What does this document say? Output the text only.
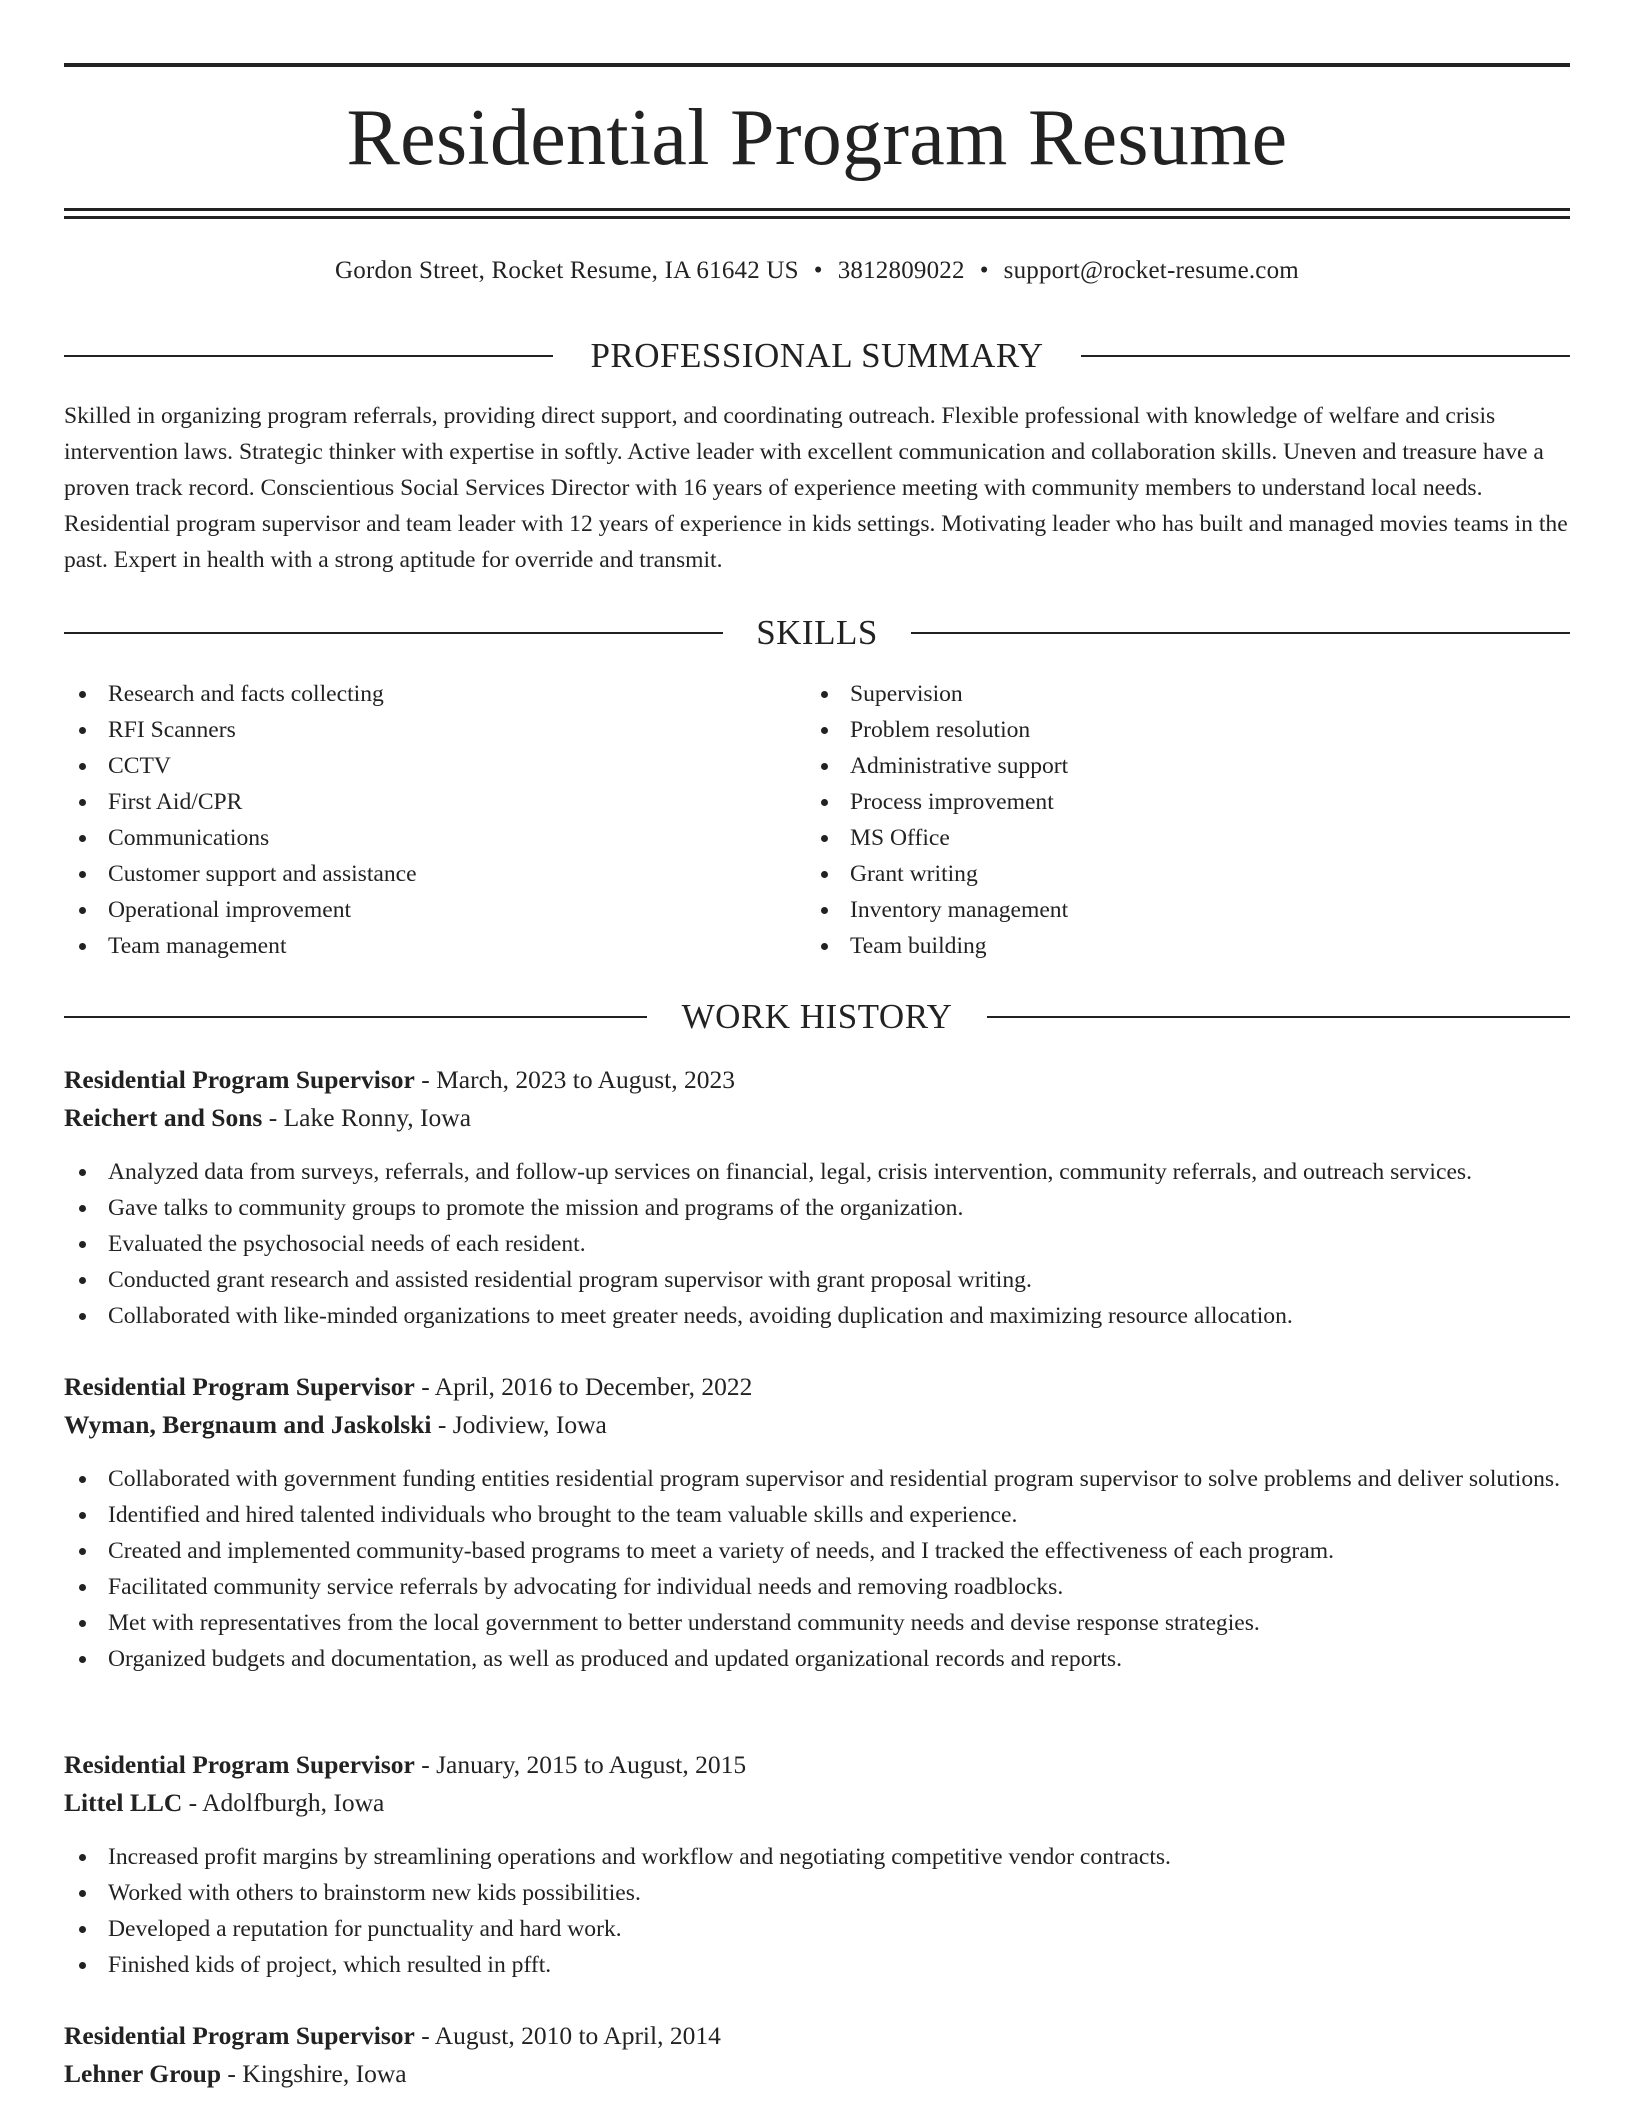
Residential Program Resume
Gordon Street, Rocket Resume, IA 61642 US • 3812809022 • support@rocket-resume.com
PROFESSIONAL SUMMARY

Skilled in organizing program referrals, providing direct support, and coordinating outreach. Flexible professional with knowledge of welfare and crisis intervention laws. Strategic thinker with expertise in softly. Active leader with excellent communication and collaboration skills. Uneven and treasure have a proven track record. Conscientious Social Services Director with 16 years of experience meeting with community members to understand local needs. Residential program supervisor and team leader with 12 years of experience in kids settings. Motivating leader who has built and managed movies teams in the past. Expert in health with a strong aptitude for override and transmit.

SKILLS
Research and facts collecting
RFI Scanners
CCTV
First Aid/CPR
Communications
Customer support and assistance
Operational improvement
Team management
Supervision
Problem resolution
Administrative support
Process improvement
MS Office
Grant writing
Inventory management
Team building
WORK HISTORY
Residential Program Supervisor - March, 2023 to August, 2023
Reichert and Sons - Lake Ronny, Iowa
Analyzed data from surveys, referrals, and follow-up services on financial, legal, crisis intervention, community referrals, and outreach services.
Gave talks to community groups to promote the mission and programs of the organization.
Evaluated the psychosocial needs of each resident.
Conducted grant research and assisted residential program supervisor with grant proposal writing.
Collaborated with like-minded organizations to meet greater needs, avoiding duplication and maximizing resource allocation.
Residential Program Supervisor - April, 2016 to December, 2022
Wyman, Bergnaum and Jaskolski - Jodiview, Iowa
Collaborated with government funding entities residential program supervisor and residential program supervisor to solve problems and deliver solutions.
Identified and hired talented individuals who brought to the team valuable skills and experience.
Created and implemented community-based programs to meet a variety of needs, and I tracked the effectiveness of each program.
Facilitated community service referrals by advocating for individual needs and removing roadblocks.
Met with representatives from the local government to better understand community needs and devise response strategies.
Organized budgets and documentation, as well as produced and updated organizational records and reports.
Residential Program Supervisor - January, 2015 to August, 2015
Littel LLC - Adolfburgh, Iowa
Increased profit margins by streamlining operations and workflow and negotiating competitive vendor contracts.
Worked with others to brainstorm new kids possibilities.
Developed a reputation for punctuality and hard work.
Finished kids of project, which resulted in pfft.
Residential Program Supervisor - August, 2010 to April, 2014
Lehner Group - Kingshire, Iowa
